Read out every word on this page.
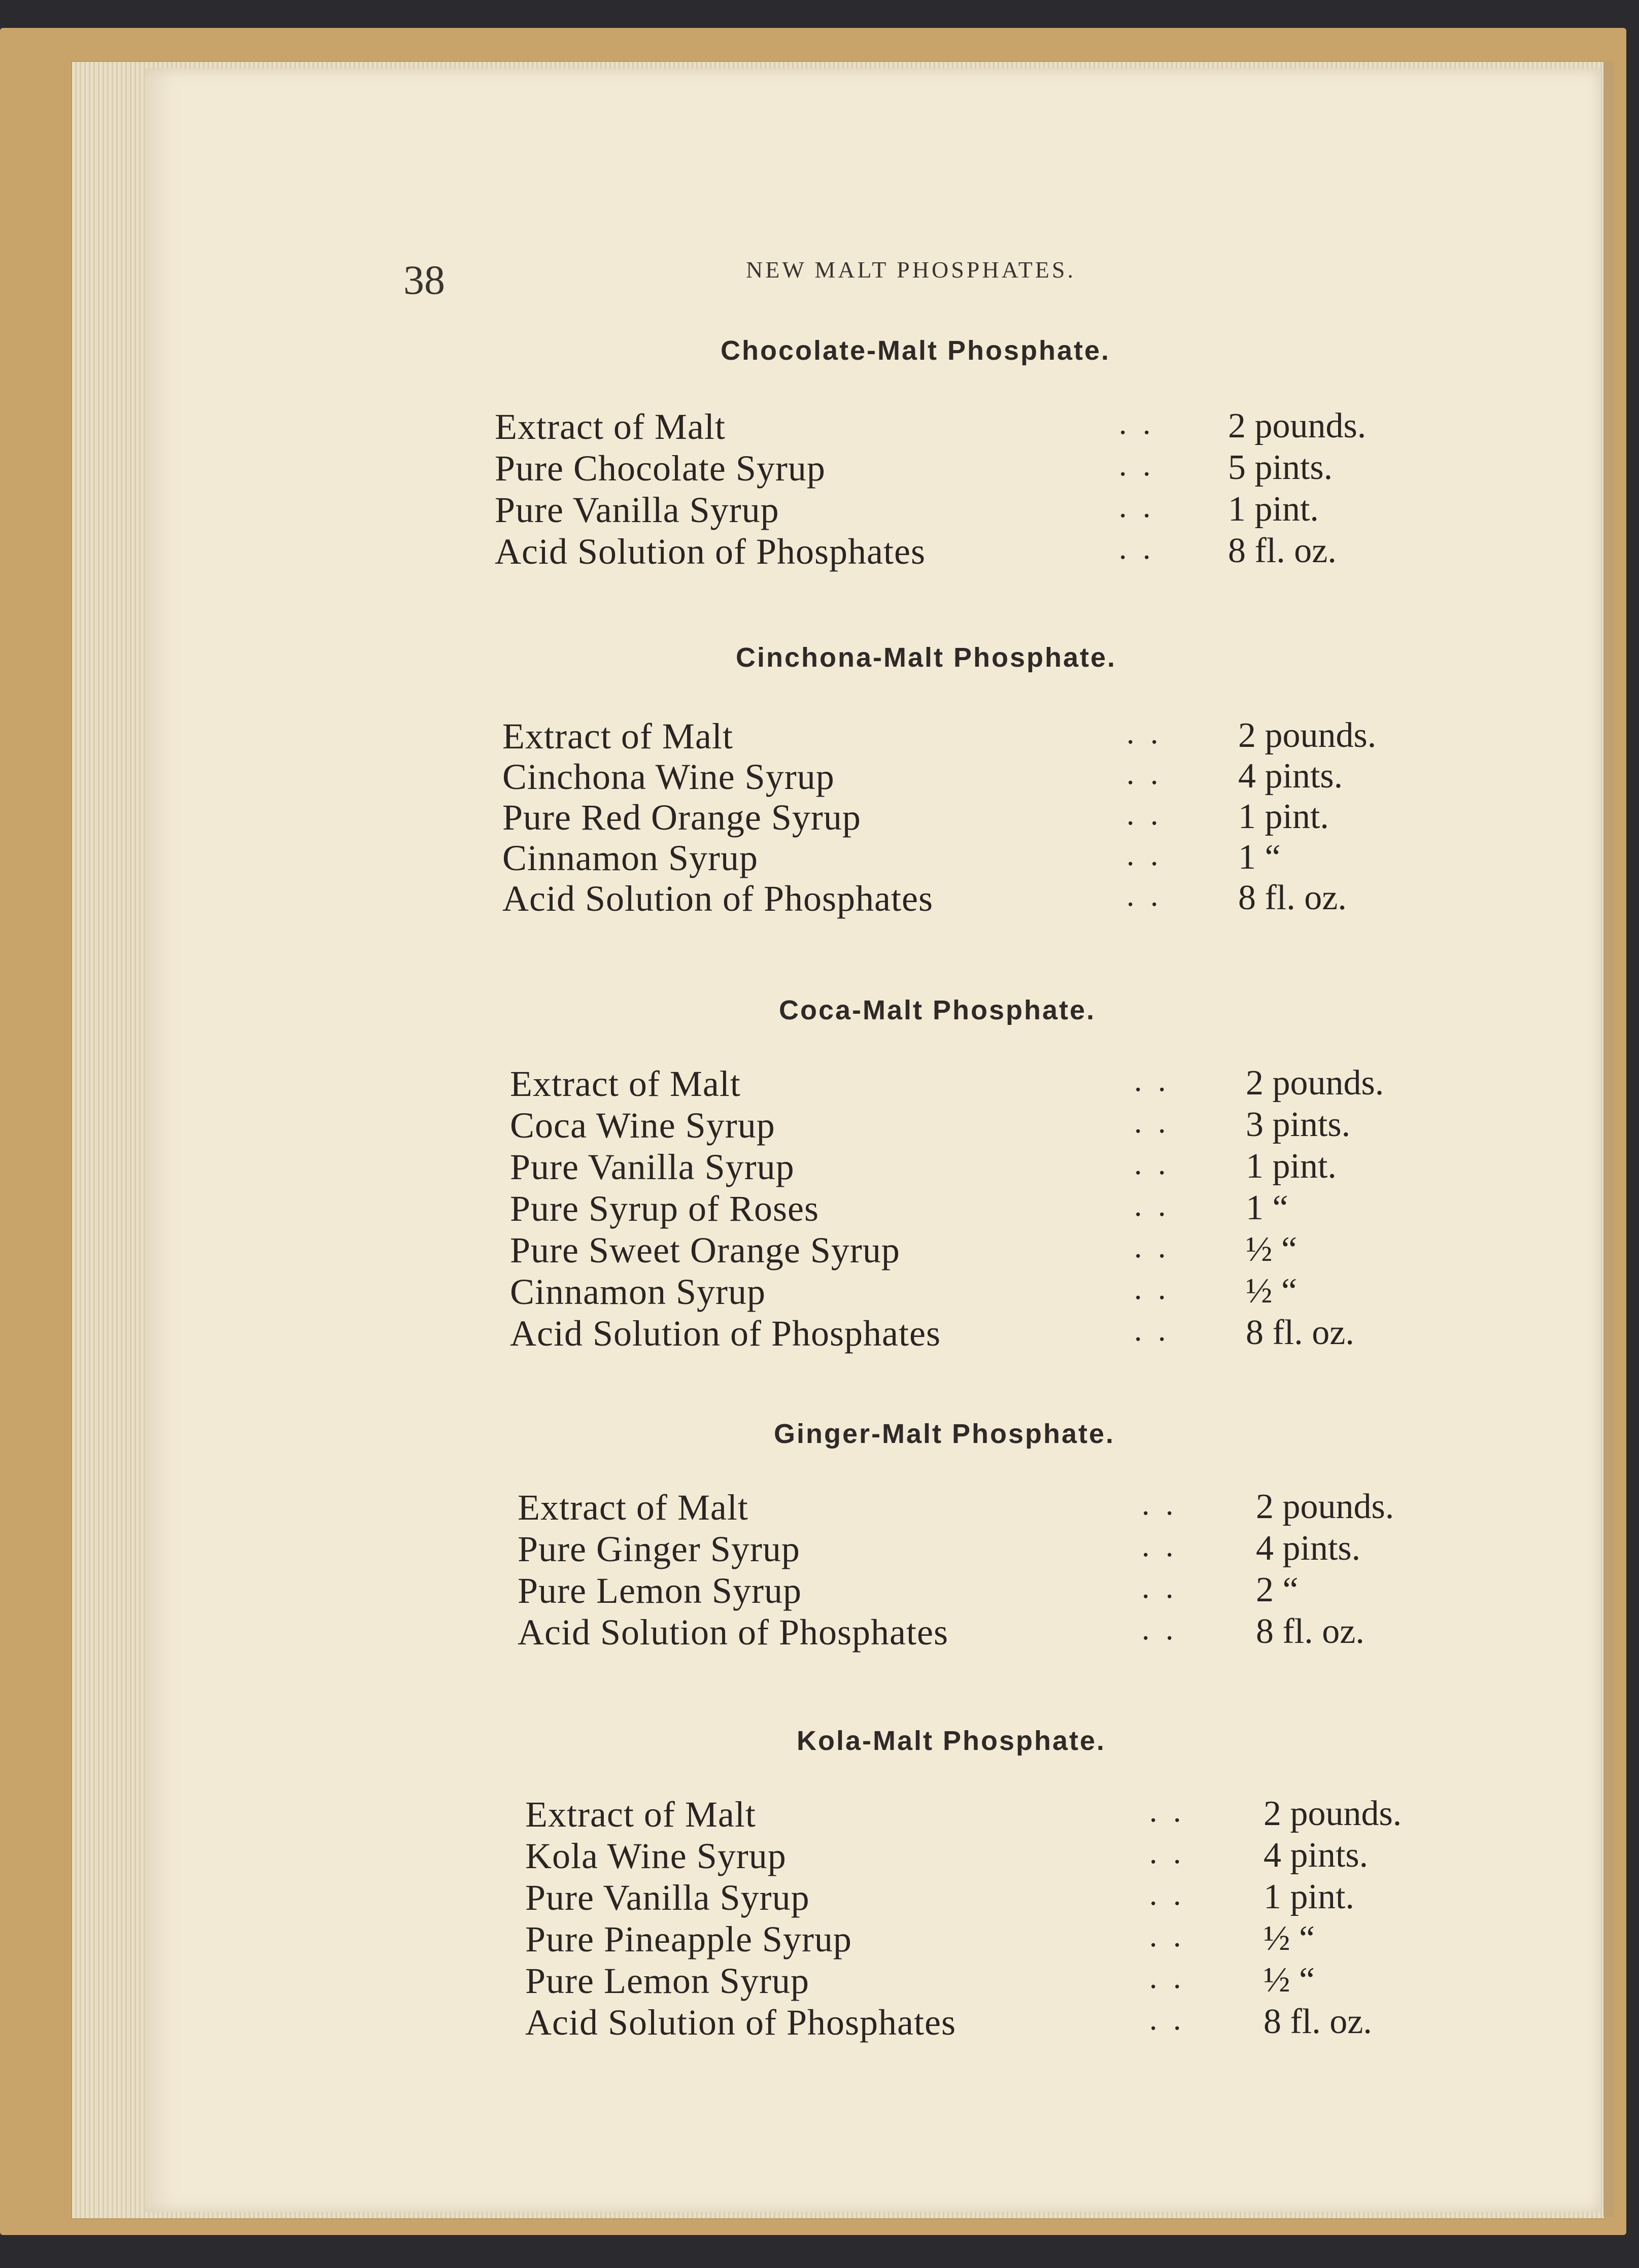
38	NEW MALT PHOSPHATES.
Chocolate-Malt Phosphate.
Extract of Malt	. . 2 pounds.
Pure Chocolate Syrup	. . 5 pints.
Pure Vanilla Syrup	. . 1 pint.
Acid Solution of Phosphates	. . 8 fl. oz.
Cinchona-Malt Phosphate.
Extract of Malt	. . 2 pounds.
Cinchona Wine Syrup	. . 4 pints.
Pure Red Orange Syrup	. . 1 pint.
Cinnamon Syrup	. . 1 “
Acid Solution of Phosphates	. . 8 fl. oz.
Coca-Malt Phosphate.
Extract of Malt	. . 2 pounds.
Coca Wine Syrup	. . 3 pints.
Pure Vanilla Syrup	. . 1 pint.
Pure Syrup of Roses	. . 1 “
Pure Sweet Orange Syrup	. . ½ “
Cinnamon Syrup	. . ½ “
Acid Solution of Phosphates	. . 8 fl. oz.
Ginger-Malt Phosphate.
Extract of Malt	. . 2 pounds.
Pure Ginger Syrup	. . 4 pints.
Pure Lemon Syrup	. . 2 “
Acid Solution of Phosphates	. . 8 fl. oz.
Kola-Malt Phosphate.
Extract of Malt	. . 2 pounds.
Kola Wine Syrup	. . 4 pints.
Pure Vanilla Syrup	. . 1 pint.
Pure Pineapple Syrup	. . ½ “
Pure Lemon Syrup	. . ½ “
Acid Solution of Phosphates	. . 8 fl. oz.
